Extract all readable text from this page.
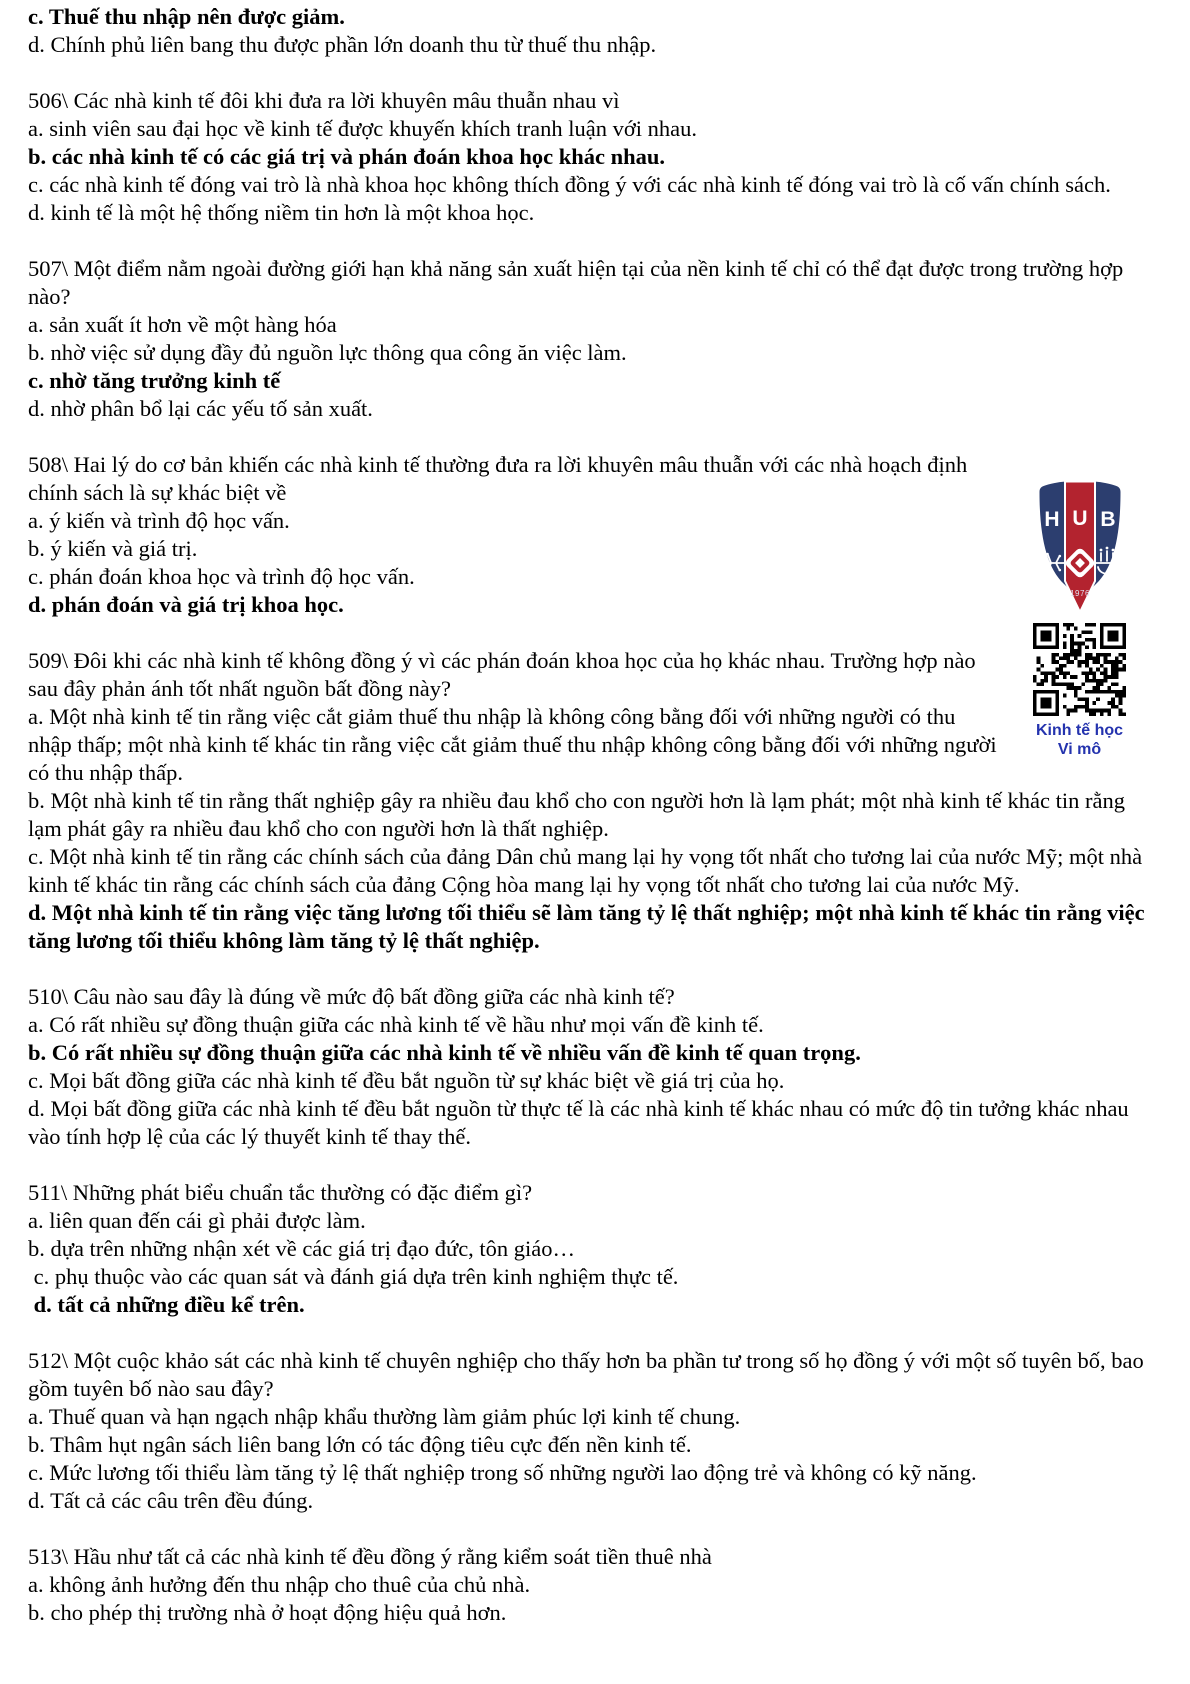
c. Thuế thu nhập nên được giảm.

d. Chính phủ liên bang thu được phần lớn doanh thu từ thuế thu nhập.

506\ Các nhà kinh tế đôi khi đưa ra lời khuyên mâu thuẫn nhau vì

a. sinh viên sau đại học về kinh tế được khuyến khích tranh luận với nhau.

b. các nhà kinh tế có các giá trị và phán đoán khoa học khác nhau.

c. các nhà kinh tế đóng vai trò là nhà khoa học không thích đồng ý với các nhà kinh tế đóng vai trò là cố vấn chính sách.

d. kinh tế là một hệ thống niềm tin hơn là một khoa học.

507\ Một điểm nằm ngoài đường giới hạn khả năng sản xuất hiện tại của nền kinh tế chỉ có thể đạt được trong trường hợp nào?

a. sản xuất ít hơn về một hàng hóa

b. nhờ việc sử dụng đầy đủ nguồn lực thông qua công ăn việc làm.

c. nhờ tăng trưởng kinh tế

d. nhờ phân bổ lại các yếu tố sản xuất.

H U B
1976
Kinh tế học
Vi mô

508\ Hai lý do cơ bản khiến các nhà kinh tế thường đưa ra lời khuyên mâu thuẫn với các nhà hoạch định chính sách là sự khác biệt về

a. ý kiến và trình độ học vấn.

b. ý kiến và giá trị.

c. phán đoán khoa học và trình độ học vấn.

d. phán đoán và giá trị khoa học.

509\ Đôi khi các nhà kinh tế không đồng ý vì các phán đoán khoa học của họ khác nhau. Trường hợp nào sau đây phản ánh tốt nhất nguồn bất đồng này?

a. Một nhà kinh tế tin rằng việc cắt giảm thuế thu nhập là không công bằng đối với những người có thu nhập thấp; một nhà kinh tế khác tin rằng việc cắt giảm thuế thu nhập không công bằng đối với những người có thu nhập thấp.

b. Một nhà kinh tế tin rằng thất nghiệp gây ra nhiều đau khổ cho con người hơn là lạm phát; một nhà kinh tế khác tin rằng lạm phát gây ra nhiều đau khổ cho con người hơn là thất nghiệp.

c. Một nhà kinh tế tin rằng các chính sách của đảng Dân chủ mang lại hy vọng tốt nhất cho tương lai của nước Mỹ; một nhà kinh tế khác tin rằng các chính sách của đảng Cộng hòa mang lại hy vọng tốt nhất cho tương lai của nước Mỹ.

d. Một nhà kinh tế tin rằng việc tăng lương tối thiểu sẽ làm tăng tỷ lệ thất nghiệp; một nhà kinh tế khác tin rằng việc tăng lương tối thiểu không làm tăng tỷ lệ thất nghiệp.

510\ Câu nào sau đây là đúng về mức độ bất đồng giữa các nhà kinh tế?

a. Có rất nhiều sự đồng thuận giữa các nhà kinh tế về hầu như mọi vấn đề kinh tế.

b. Có rất nhiều sự đồng thuận giữa các nhà kinh tế về nhiều vấn đề kinh tế quan trọng.

c. Mọi bất đồng giữa các nhà kinh tế đều bắt nguồn từ sự khác biệt về giá trị của họ.

d. Mọi bất đồng giữa các nhà kinh tế đều bắt nguồn từ thực tế là các nhà kinh tế khác nhau có mức độ tin tưởng khác nhau vào tính hợp lệ của các lý thuyết kinh tế thay thế.

511\ Những phát biểu chuẩn tắc thường có đặc điểm gì?

a. liên quan đến cái gì phải được làm.

b. dựa trên những nhận xét về các giá trị đạo đức, tôn giáo…

c. phụ thuộc vào các quan sát và đánh giá dựa trên kinh nghiệm thực tế.

d. tất cả những điều kể trên.

512\ Một cuộc khảo sát các nhà kinh tế chuyên nghiệp cho thấy hơn ba phần tư trong số họ đồng ý với một số tuyên bố, bao gồm tuyên bố nào sau đây?

a. Thuế quan và hạn ngạch nhập khẩu thường làm giảm phúc lợi kinh tế chung.

b. Thâm hụt ngân sách liên bang lớn có tác động tiêu cực đến nền kinh tế.

c. Mức lương tối thiểu làm tăng tỷ lệ thất nghiệp trong số những người lao động trẻ và không có kỹ năng.

d. Tất cả các câu trên đều đúng.

513\ Hầu như tất cả các nhà kinh tế đều đồng ý rằng kiểm soát tiền thuê nhà

a. không ảnh hưởng đến thu nhập cho thuê của chủ nhà.

b. cho phép thị trường nhà ở hoạt động hiệu quả hơn.
